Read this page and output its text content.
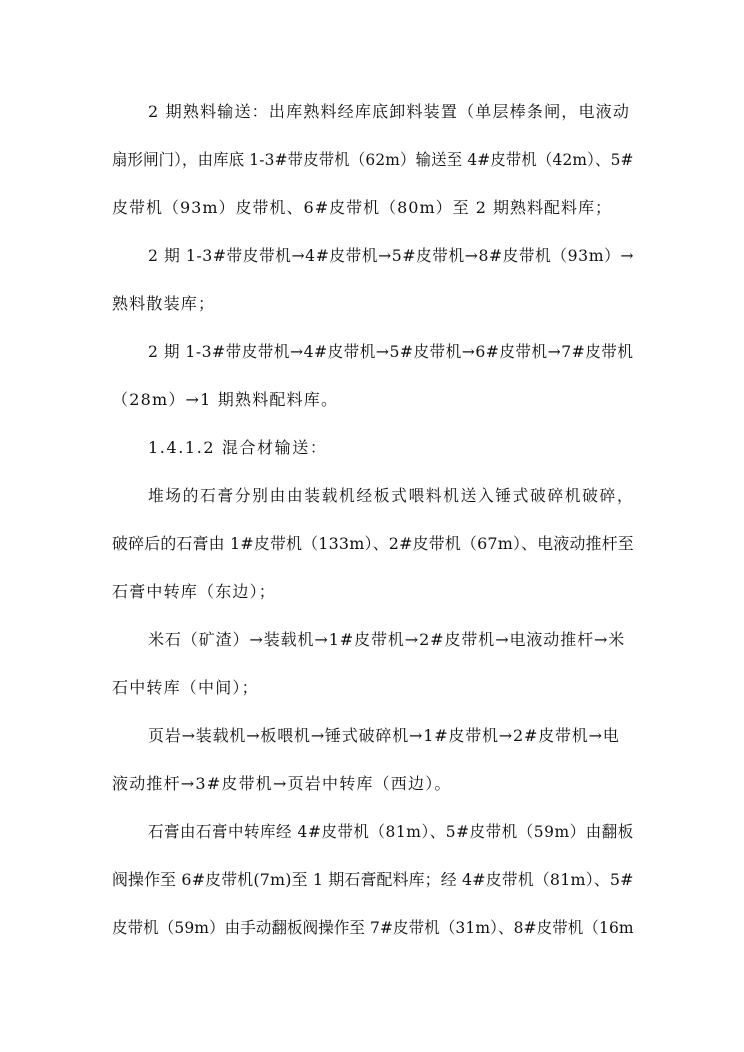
2 期熟料输送：出库熟料经库底卸料装置（单层棒条闸，电液动
扇形闸门），由库底 1-3#带皮带机（62m）输送至 4#皮带机（42m）、5#
皮带机（93m）皮带机、6#皮带机（80m）至 2 期熟料配料库；
2 期 1-3#带皮带机→4#皮带机→5#皮带机→8#皮带机（93m）→
熟料散装库；
2 期 1-3#带皮带机→4#皮带机→5#皮带机→6#皮带机→7#皮带机
（28m）→1 期熟料配料库。
1.4.1.2 混合材输送：
堆场的石膏分别由由装载机经板式喂料机送入锤式破碎机破碎，
破碎后的石膏由 1#皮带机（133m）、2#皮带机（67m）、电液动推杆至
石膏中转库（东边）；
米石（矿渣）→装载机→1#皮带机→2#皮带机→电液动推杆→米
石中转库（中间）；
页岩→装载机→板喂机→锤式破碎机→1#皮带机→2#皮带机→电
液动推杆→3#皮带机→页岩中转库（西边）。
石膏由石膏中转库经 4#皮带机（81m）、5#皮带机（59m）由翻板
阀操作至 6#皮带机(7m)至 1 期石膏配料库；经 4#皮带机（81m）、5#
皮带机（59m）由手动翻板阀操作至 7#皮带机（31m）、8#皮带机（16m
